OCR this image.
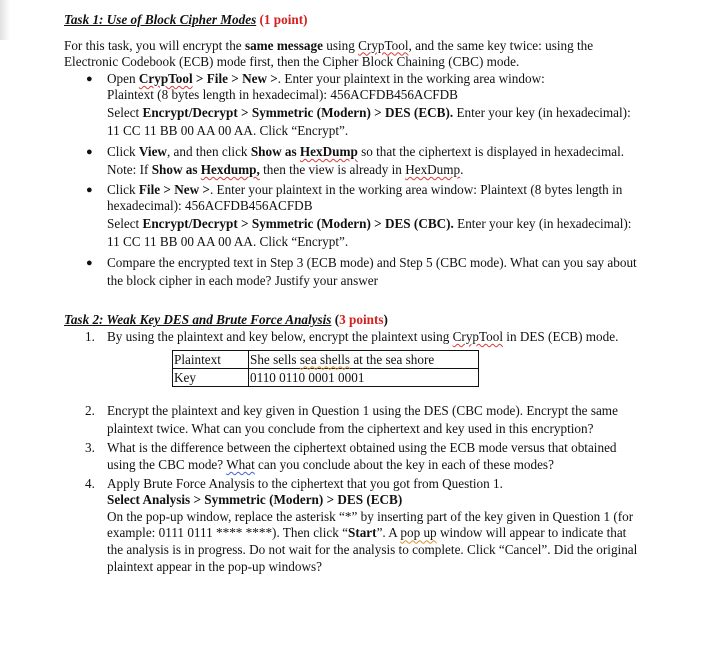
Task 1: Use of Block Cipher Modes (1 point)

For this task, you will encrypt the same message using CrypTool, and the same key twice: using the Electronic Codebook (ECB) mode first, then the Cipher Block Chaining (CBC) mode.

● Open CrypTool > File > New >. Enter your plaintext in the working area window:
Plaintext (8 bytes length in hexadecimal): 456ACFDB456ACFDB
Select Encrypt/Decrypt > Symmetric (Modern) > DES (ECB). Enter your key (in hexadecimal): 11 CC 11 BB 00 AA 00 AA. Click “Encrypt”.
● Click View, and then click Show as HexDump so that the ciphertext is displayed in hexadecimal. Note: If Show as Hexdump, then the view is already in HexDump.
● Click File > New >. Enter your plaintext in the working area window: Plaintext (8 bytes length in hexadecimal): 456ACFDB456ACFDB
Select Encrypt/Decrypt > Symmetric (Modern) > DES (CBC). Enter your key (in hexadecimal): 11 CC 11 BB 00 AA 00 AA. Click “Encrypt”.
● Compare the encrypted text in Step 3 (ECB mode) and Step 5 (CBC mode). What can you say about the block cipher in each mode? Justify your answer

Task 2: Weak Key DES and Brute Force Analysis (3 points)

1. By using the plaintext and key below, encrypt the plaintext using CrypTool in DES (ECB) mode.
Plaintext	She sells sea shells at the sea shore
Key	0110 0110 0001 0001
2. Encrypt the plaintext and key given in Question 1 using the DES (CBC mode). Encrypt the same plaintext twice. What can you conclude from the ciphertext and key used in this encryption?
3. What is the difference between the ciphertext obtained using the ECB mode versus that obtained using the CBC mode? What can you conclude about the key in each of these modes?
4. Apply Brute Force Analysis to the ciphertext that you got from Question 1.
Select Analysis > Symmetric (Modern) > DES (ECB)
On the pop-up window, replace the asterisk “*” by inserting part of the key given in Question 1 (for example: 0111 0111 **** ****). Then click “Start”. A pop up window will appear to indicate that the analysis is in progress. Do not wait for the analysis to complete. Click “Cancel”. Did the original plaintext appear in the pop-up windows?
